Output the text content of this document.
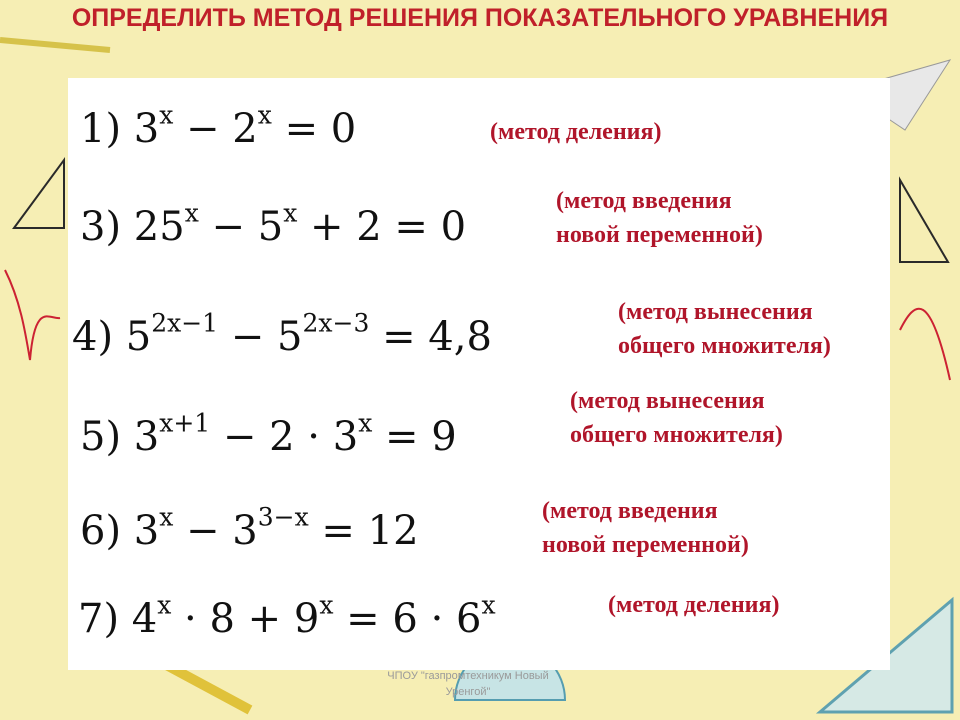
ОПРЕДЕЛИТЬ МЕТОД РЕШЕНИЯ ПОКАЗАТЕЛЬНОГО УРАВНЕНИЯ
1) $3^x - 2^x = 0$	(метод деления)
3) $25^x - 5^x + 2 = 0$
(метод введения
новой переменной)
4) $5^{2x-1} - 5^{2x-3} = 4,8$
(метод вынесения
общего множителя)
5) $3^{x+1} - 2 \cdot 3^x = 9$
(метод вынесения
общего множителя)
6) $3^x - 3^{3-x} = 12$	(метод введения
новой переменной)
7) $4^x \cdot 8 + 9^x = 6 \cdot 6^x$	(метод деления)
ЧПОУ "газпромтехникум Новый Уренгой"
